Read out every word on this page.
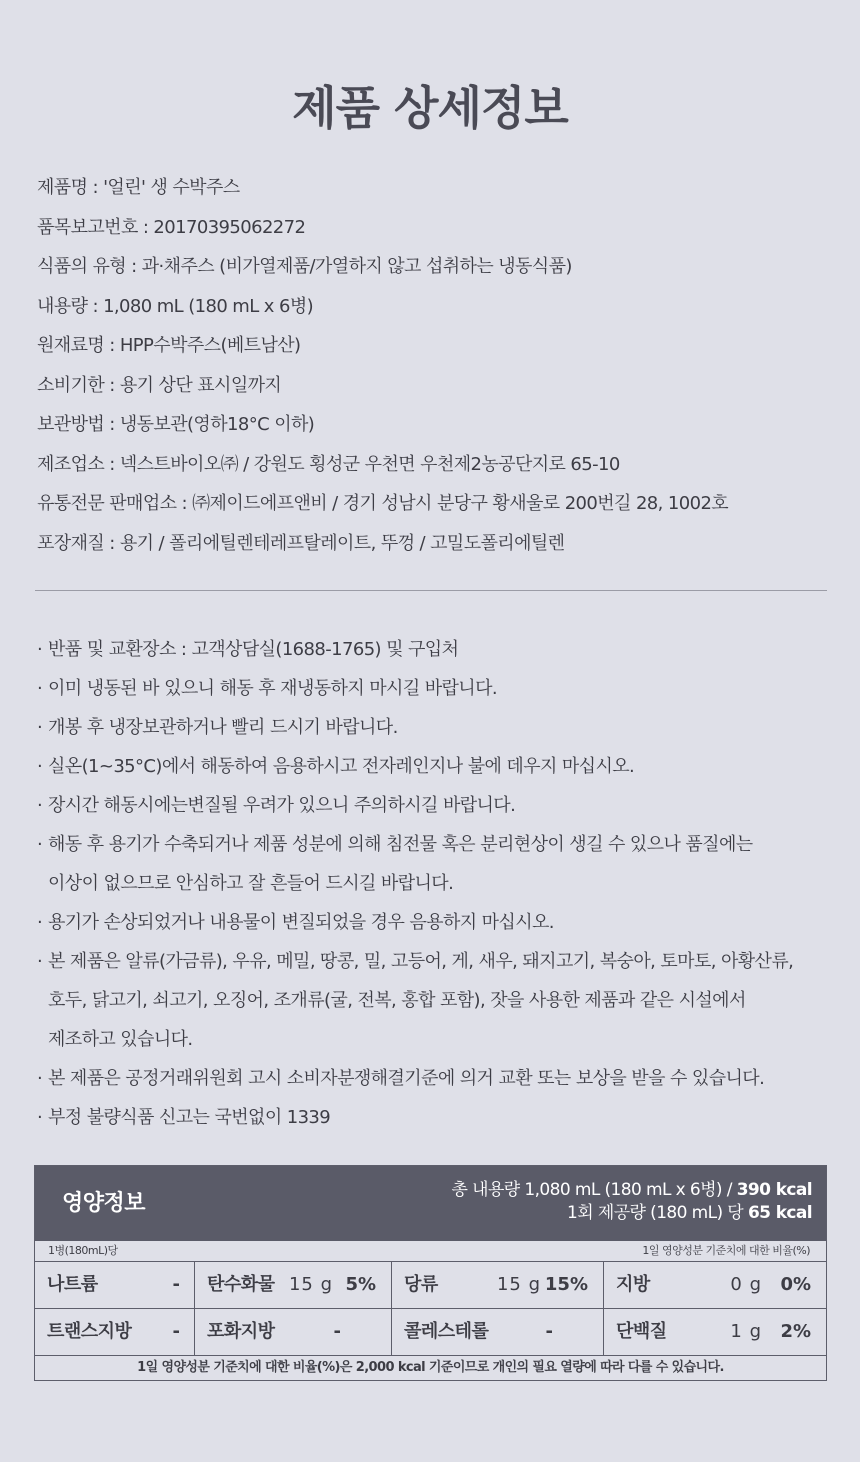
제품 상세정보
제품명 : '얼린' 생 수박주스
품목보고번호 : 20170395062272
식품의 유형 : 과·채주스 (비가열제품/가열하지 않고 섭취하는 냉동식품)
내용량 : 1,080 mL (180 mL x 6병)
원재료명 : HPP수박주스(베트남산)
소비기한 : 용기 상단 표시일까지
보관방법 : 냉동보관(영하18°C 이하)
제조업소 : 넥스트바이오㈜ / 강원도 횡성군 우천면 우천제2농공단지로 65-10
유통전문 판매업소 : ㈜제이드에프앤비 / 경기 성남시 분당구 황새울로 200번길 28, 1002호
포장재질 : 용기 / 폴리에틸렌테레프탈레이트, 뚜껑 / 고밀도폴리에틸렌
· 반품 및 교환장소 : 고객상담실(1688-1765) 및 구입처
· 이미 냉동된 바 있으니 해동 후 재냉동하지 마시길 바랍니다.
· 개봉 후 냉장보관하거나 빨리 드시기 바랍니다.
· 실온(1~35°C)에서 해동하여 음용하시고 전자레인지나 불에 데우지 마십시오.
· 장시간 해동시에는변질될 우려가 있으니 주의하시길 바랍니다.
· 해동 후 용기가 수축되거나 제품 성분에 의해 침전물 혹은 분리현상이 생길 수 있으나 품질에는
이상이 없으므로 안심하고 잘 흔들어 드시길 바랍니다.
· 용기가 손상되었거나 내용물이 변질되었을 경우 음용하지 마십시오.
· 본 제품은 알류(가금류), 우유, 메밀, 땅콩, 밀, 고등어, 게, 새우, 돼지고기, 복숭아, 토마토, 아황산류,
호두, 닭고기, 쇠고기, 오징어, 조개류(굴, 전복, 홍합 포함), 잣을 사용한 제품과 같은 시설에서
제조하고 있습니다.
· 본 제품은 공정거래위원회 고시 소비자분쟁해결기준에 의거 교환 또는 보상을 받을 수 있습니다.
· 부정 불량식품 신고는 국번없이 1339
영양정보
총 내용량 1,080 mL (180 mL x 6병) / 390 kcal
1회 제공량 (180 mL) 당 65 kcal
1병(180mL)당	1일 영양성분 기준치에 대한 비율(%)
나트륨	- 탄수화물 15 g 5% 당류	15 g 15% 지방	0 g 0%
트랜스지방 - 포화지방	-	콜레스테롤	-	단백질	1 g 2%
1일 영양성분 기준치에 대한 비율(%)은 2,000 kcal 기준이므로 개인의 필요 열량에 따라 다를 수 있습니다.
